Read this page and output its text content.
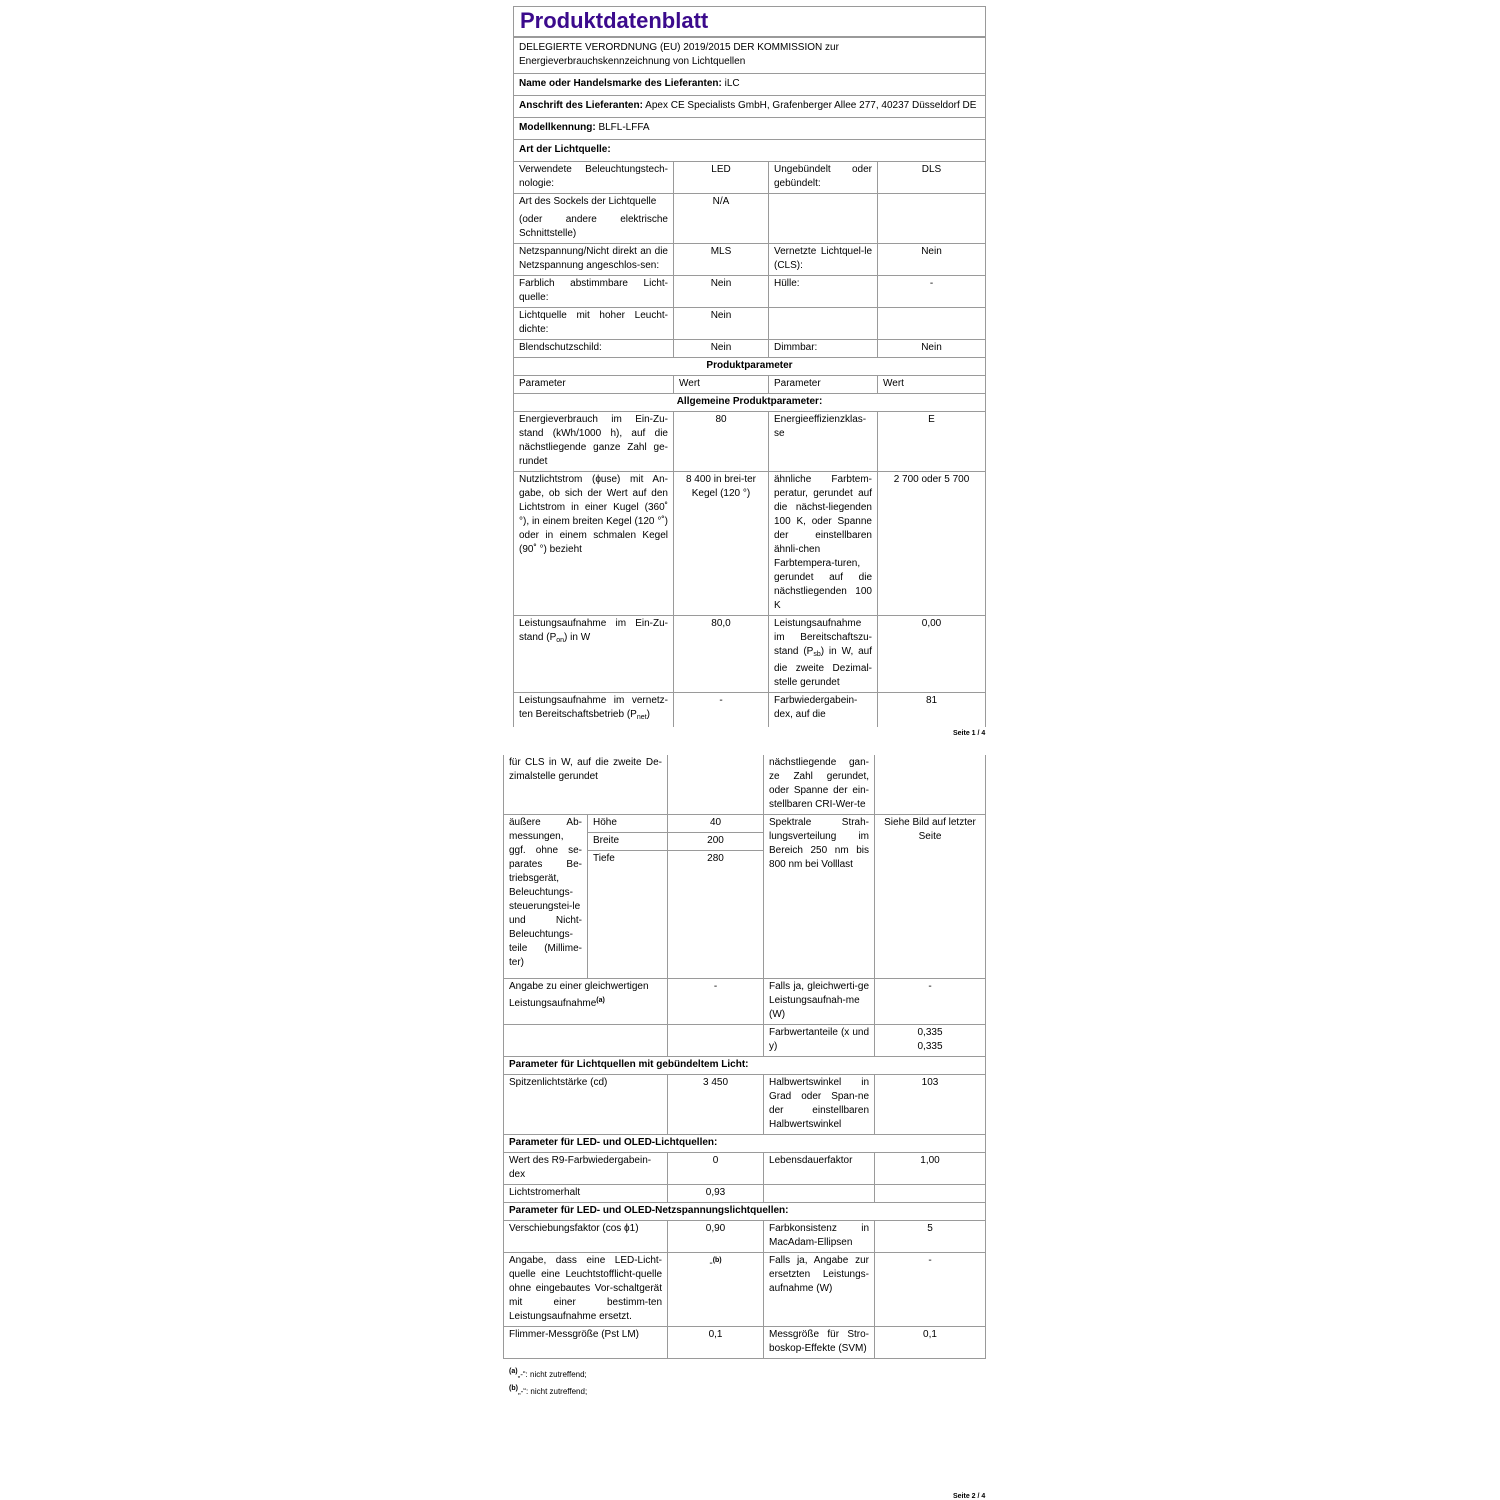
Produktdatenblatt
DELEGIERTE VERORDNUNG (EU) 2019/2015 DER KOMMISSION zur Energieverbrauchskennzeichnung von Lichtquellen
Name oder Handelsmarke des Lieferanten: iLC
Anschrift des Lieferanten: Apex CE Specialists GmbH, Grafenberger Allee 277, 40237 Düsseldorf DE
Modellkennung: BLFL-LFFA
Art der Lichtquelle:
Verwendete Beleuchtungstech-nologie:	LED	Ungebündelt oder gebündelt:	DLS

Art des Sockels der Lichtquelle
(oder andere elektrische Schnittstelle)	N/A		
Netzspannung/Nicht direkt an die Netzspannung angeschlos-sen:	MLS	Vernetzte Lichtquel-le (CLS):	Nein
Farblich abstimmbare Licht-quelle:	Nein	Hülle:	-
Lichtquelle mit hoher Leucht-dichte:	Nein		
Blendschutzschild:	Nein	Dimmbar:	Nein
Produktparameter			
Parameter	Wert	Parameter	Wert
Allgemeine Produktparameter:			
Energieverbrauch im Ein-Zu-stand (kWh/1000 h), auf die nächstliegende ganze Zahl ge-rundet	80	Energieeffizienzklas-se	E
Nutzlichtstrom (ϕuse) mit An-gabe, ob sich der Wert auf den Lichtstrom in einer Kugel (360˚ °), in einem breiten Kegel (120 °˚) oder in einem schmalen Kegel (90˚ °) bezieht	8 400 in brei-ter Kegel (120 °)	ähnliche Farbtem-peratur, gerundet auf die nächst-liegenden 100 K, oder Spanne der einstellbaren ähnli-chen Farbtempera-turen, gerundet auf die nächstliegenden 100 K	2 700 oder 5 700
Leistungsaufnahme im Ein-Zu-stand $(P_{on})$ in W	80,0	Leistungsaufnahme im Bereitschaftszu-stand $(P_{sb})$ in W, auf die zweite Dezimal-stelle gerundet	0,00
Leistungsaufnahme im vernetz-ten Bereitschaftsbetrieb $(P_{net})$	-	Farbwiedergabein-dex, auf die	81
Seite 1 / 4
für CLS in W, auf die zweite De-zimalstelle gerundet			nächstliegende gan-ze Zahl gerundet, oder Spanne der ein-stellbaren CRI-Wer-te	
äußere Ab-messungen, ggf. ohne se-parates Be-triebsgerät, Beleuchtungs-steuerungstei-le und Nicht-Beleuchtungs-teile (Millime-ter)	Höhe	40	Spektrale Strah-lungsverteilung im Bereich 250 nm bis 800 nm bei Volllast	Siehe Bild auf letzter Seite
	Breite	200		
	Tiefe	280		
Angabe zu einer gleichwertigen Leistungsaufnahme$^{(a)}$		-	Falls ja, gleichwerti-ge Leistungsaufnah-me (W)	-
			Farbwertanteile (x und y)	0,335
0,335

Parameter für Lichtquellen mit gebündeltem Licht:				
Spitzenlichtstärke (cd)		3 450	Halbwertswinkel in Grad oder Span-ne der einstellbaren Halbwertswinkel	103
Parameter für LED- und OLED-Lichtquellen:				
Wert des R9-Farbwiedergabein-dex		0	Lebensdauerfaktor	1,00
Lichtstromerhalt		0,93		
Parameter für LED- und OLED-Netzspannungslichtquellen:				
Verschiebungsfaktor (cos ϕ1)		0,90	Farbkonsistenz in MacAdam-Ellipsen	5
Angabe, dass eine LED-Licht-quelle eine Leuchtstofflicht-quelle ohne eingebautes Vor-schaltgerät mit einer bestimm-ten Leistungsaufnahme ersetzt.		-$^{(b)}$	Falls ja, Angabe zur ersetzten Leistungs-aufnahme (W)	-
Flimmer-Messgröße (Pst LM)		0,1	Messgröße für Stro-boskop-Effekte (SVM)	0,1
(a)„-“: nicht zutreffend;
(b)„-“: nicht zutreffend;
Seite 2 / 4
